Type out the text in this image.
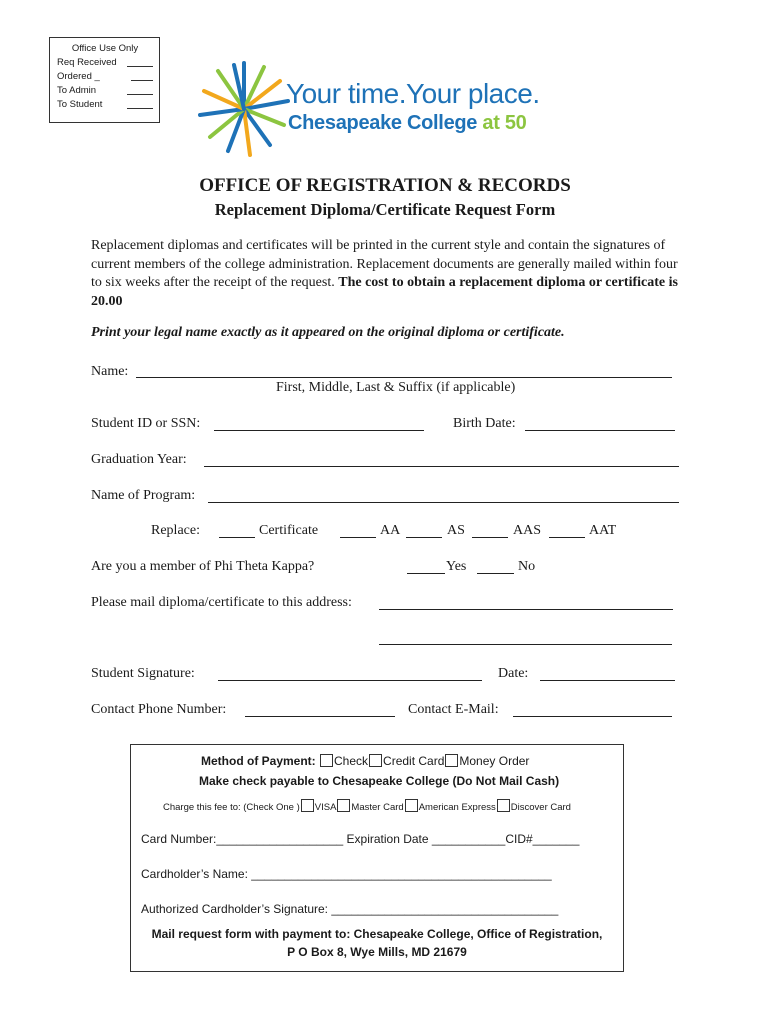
Office Use Only
Req Received
Ordered _
To Admin
To Student	Your time.Your place.
Chesapeake College at 50
OFFICE OF REGISTRATION & RECORDS
Replacement Diploma/Certificate Request Form
Replacement diplomas and certificates will be printed in the current style and contain the signatures of current members of the college administration. Replacement documents are generally mailed within four to six weeks after the receipt of the request. The cost to obtain a replacement diploma or certificate is 20.00
Print your legal name exactly as it appeared on the original diploma or certificate.
Name:
First, Middle, Last & Suffix (if applicable)
Student ID or SSN:	Birth Date:
Graduation Year:
Name of Program:
Replace:	Certificate	AA	AS	AAS	AAT
Are you a member of Phi Theta Kappa?	Yes	No
Please mail diploma/certificate to this address:
Student Signature:	Date:
Contact Phone Number:	Contact E-Mail:
Method of Payment: Check Credit Card Money Order
Make check payable to Chesapeake College (Do Not Mail Cash)
Charge this fee to: (Check One ) VISA Master Card American Express Discover Card
Card Number:___________________ Expiration Date ___________CID#_______
Cardholder’s Name: _____________________________________________
Authorized Cardholder’s Signature: __________________________________
Mail request form with payment to: Chesapeake College, Office of Registration,
P O Box 8, Wye Mills, MD 21679
